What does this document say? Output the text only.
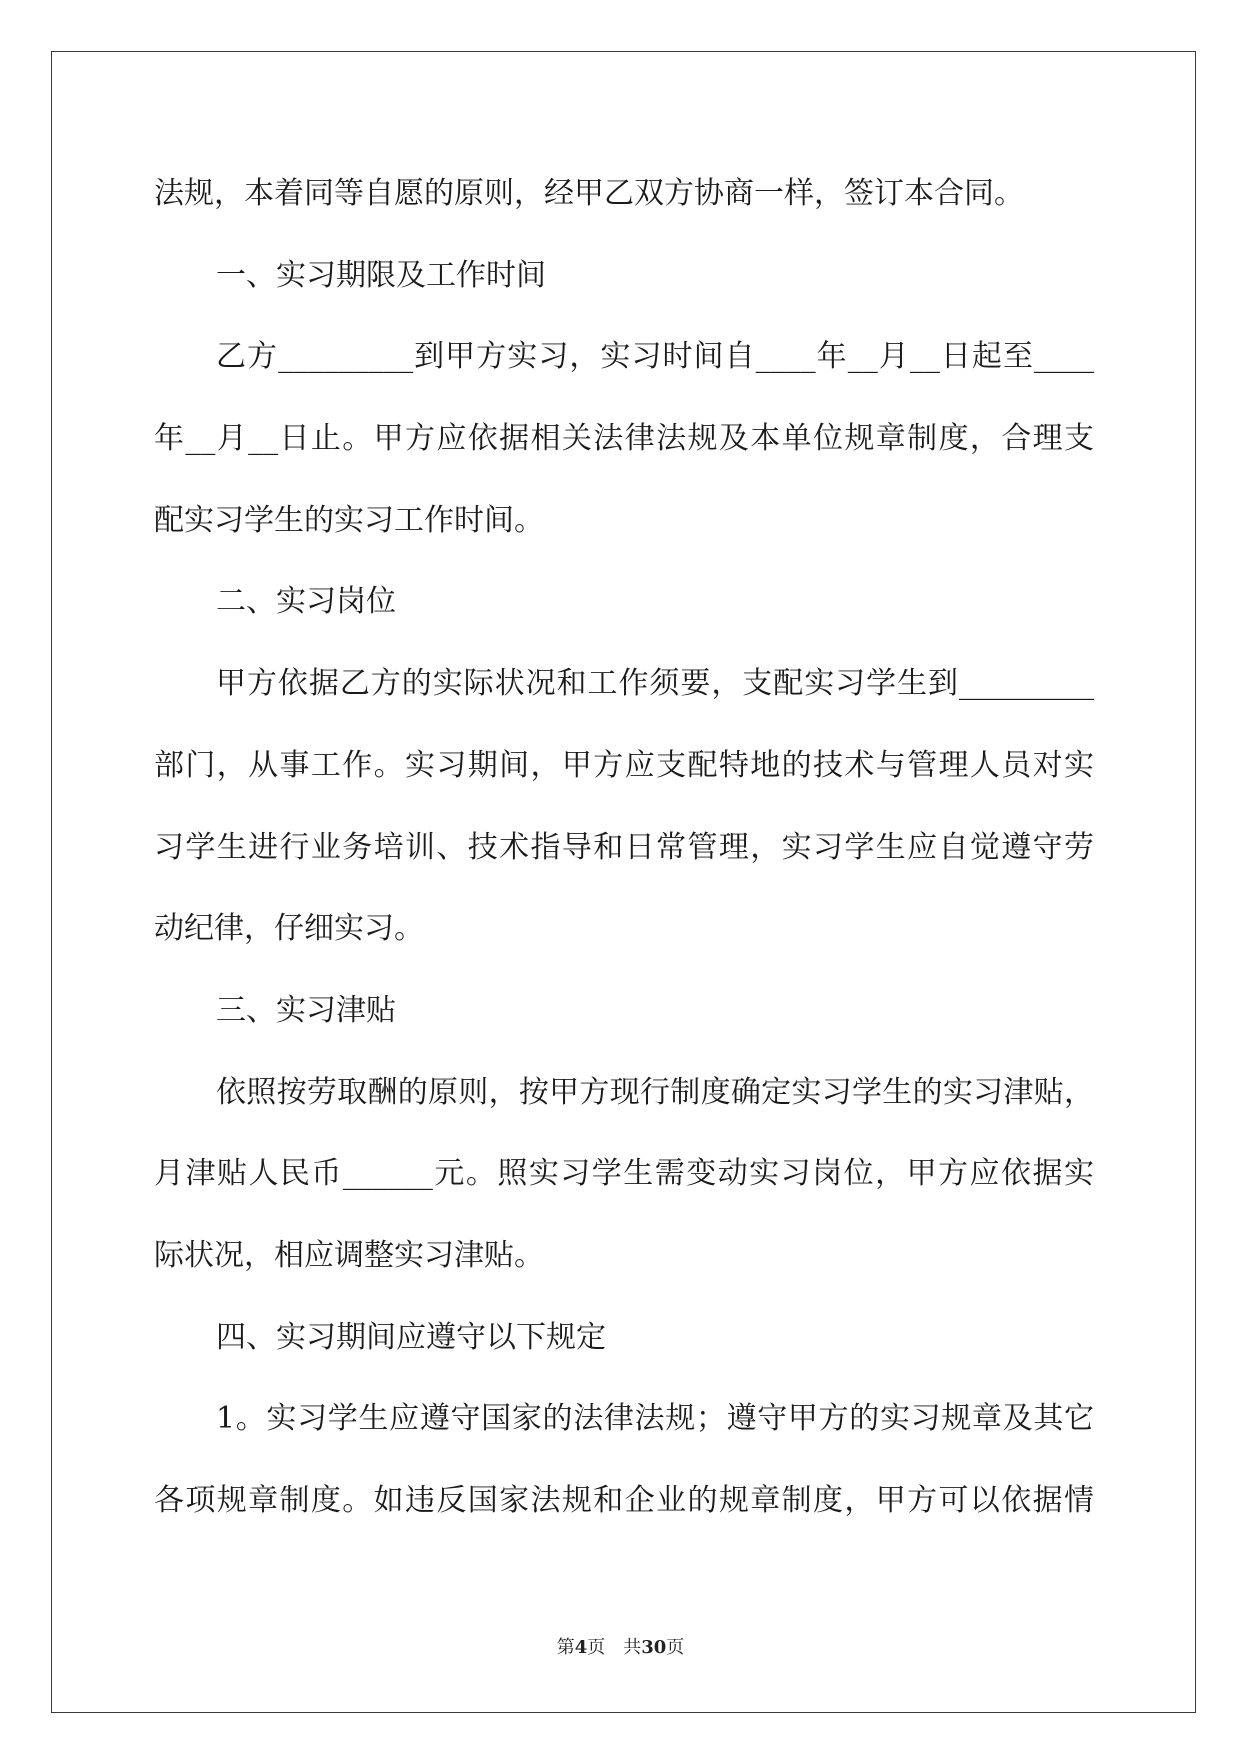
法规，本着同等自愿的原则，经甲乙双方协商一样，签订本合同。
一、实习期限及工作时间
乙方_________到甲方实习，实习时间自____年__月__日起至____
年__月__日止。甲方应依据相关法律法规及本单位规章制度，合理支
配实习学生的实习工作时间。
二、实习岗位
甲方依据乙方的实际状况和工作须要，支配实习学生到_________
部门，从事工作。实习期间，甲方应支配特地的技术与管理人员对实
习学生进行业务培训、技术指导和日常管理，实习学生应自觉遵守劳
动纪律，仔细实习。
三、实习津贴
依照按劳取酬的原则，按甲方现行制度确定实习学生的实习津贴，
月津贴人民币______元。照实习学生需变动实习岗位，甲方应依据实
际状况，相应调整实习津贴。
四、实习期间应遵守以下规定
1。实习学生应遵守国家的法律法规；遵守甲方的实习规章及其它
各项规章制度。如违反国家法规和企业的规章制度，甲方可以依据情
第4页 共30页
